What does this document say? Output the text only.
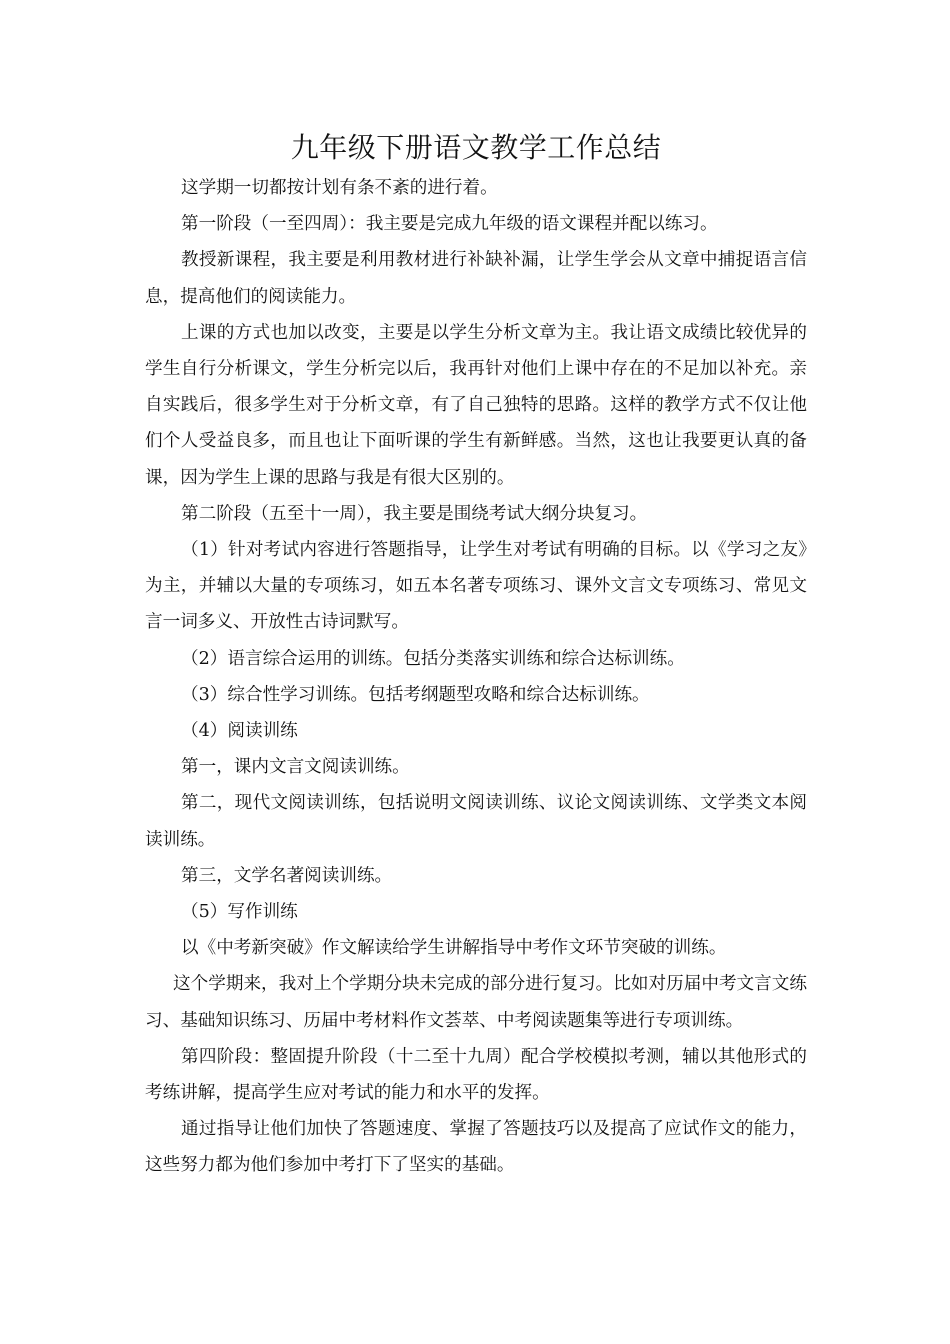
九年级下册语文教学工作总结

这学期一切都按计划有条不紊的进行着。

第一阶段（一至四周）：我主要是完成九年级的语文课程并配以练习。

教授新课程，我主要是利用教材进行补缺补漏，让学生学会从文章中捕捉语言信息，提高他们的阅读能力。

上课的方式也加以改变，主要是以学生分析文章为主。我让语文成绩比较优异的学生自行分析课文，学生分析完以后，我再针对他们上课中存在的不足加以补充。亲自实践后，很多学生对于分析文章，有了自己独特的思路。这样的教学方式不仅让他们个人受益良多，而且也让下面听课的学生有新鲜感。当然，这也让我要更认真的备课，因为学生上课的思路与我是有很大区别的。

第二阶段（五至十一周），我主要是围绕考试大纲分块复习。

（1）针对考试内容进行答题指导，让学生对考试有明确的目标。以《学习之友》为主，并辅以大量的专项练习，如五本名著专项练习、课外文言文专项练习、常见文言一词多义、开放性古诗词默写。

（2）语言综合运用的训练。包括分类落实训练和综合达标训练。

（3）综合性学习训练。包括考纲题型攻略和综合达标训练。

（4）阅读训练

第一，课内文言文阅读训练。

第二，现代文阅读训练，包括说明文阅读训练、议论文阅读训练、文学类文本阅读训练。

第三，文学名著阅读训练。

（5）写作训练

以《中考新突破》作文解读给学生讲解指导中考作文环节突破的训练。

这个学期来，我对上个学期分块未完成的部分进行复习。比如对历届中考文言文练习、基础知识练习、历届中考材料作文荟萃、中考阅读题集等进行专项训练。

第四阶段：整固提升阶段（十二至十九周）配合学校模拟考测，辅以其他形式的考练讲解，提高学生应对考试的能力和水平的发挥。

通过指导让他们加快了答题速度、掌握了答题技巧以及提高了应试作文的能力，这些努力都为他们参加中考打下了坚实的基础。
